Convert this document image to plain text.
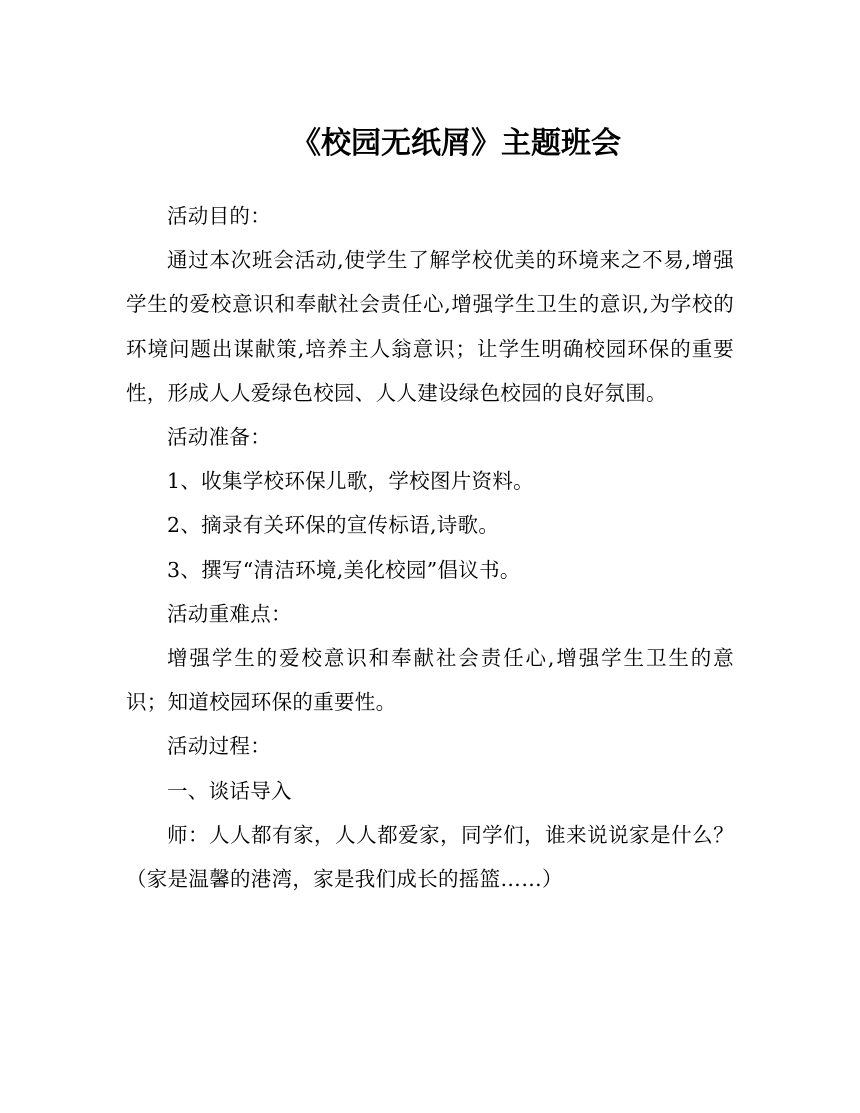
《校园无纸屑》主题班会

活动目的：

通过本次班会活动,使学生了解学校优美的环境来之不易,增强学生的爱校意识和奉献社会责任心,增强学生卫生的意识,为学校的环境问题出谋献策,培养主人翁意识；让学生明确校园环保的重要性，形成人人爱绿色校园、人人建设绿色校园的良好氛围。

活动准备：

1、收集学校环保儿歌，学校图片资料。

2、摘录有关环保的宣传标语,诗歌。

3、撰写“清洁环境,美化校园”倡议书。

活动重难点：

增强学生的爱校意识和奉献社会责任心,增强学生卫生的意识；知道校园环保的重要性。

活动过程：

一、谈话导入

师：人人都有家，人人都爱家，同学们，谁来说说家是什么？（家是温馨的港湾，家是我们成长的摇篮……）
